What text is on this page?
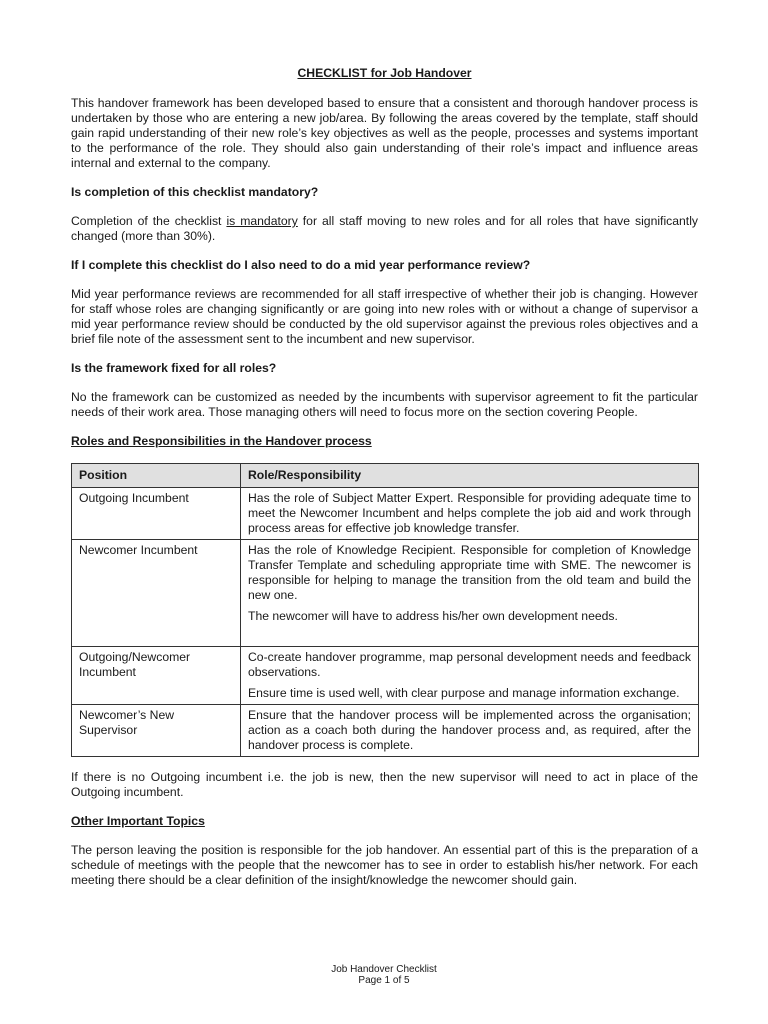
CHECKLIST for Job Handover

This handover framework has been developed based to ensure that a consistent and thorough handover process is undertaken by those who are entering a new job/area. By following the areas covered by the template, staff should gain rapid understanding of their new role’s key objectives as well as the people, processes and systems important to the performance of the role. They should also gain understanding of their role’s impact and influence areas internal and external to the company.

Is completion of this checklist mandatory?

Completion of the checklist is mandatory for all staff moving to new roles and for all roles that have significantly changed (more than 30%).

If I complete this checklist do I also need to do a mid year performance review?

Mid year performance reviews are recommended for all staff irrespective of whether their job is changing. However for staff whose roles are changing significantly or are going into new roles with or without a change of supervisor a mid year performance review should be conducted by the old supervisor against the previous roles objectives and a brief file note of the assessment sent to the incumbent and new supervisor.

Is the framework fixed for all roles?

No the framework can be customized as needed by the incumbents with supervisor agreement to fit the particular needs of their work area. Those managing others will need to focus more on the section covering People.

Roles and Responsibilities in the Handover process

Position	Role/Responsibility
Outgoing Incumbent	Has the role of Subject Matter Expert. Responsible for providing adequate time to meet the Newcomer Incumbent and helps complete the job aid and work through process areas for effective job knowledge transfer.

Newcomer Incumbent	Has the role of Knowledge Recipient. Responsible for completion of Knowledge Transfer Template and scheduling appropriate time with SME. The newcomer is responsible for helping to manage the transition from the old team and build the new one.

The newcomer will have to address his/her own development needs.

Outgoing/Newcomer Incumbent	Co-create handover programme, map personal development needs and feedback observations.

Ensure time is used well, with clear purpose and manage information exchange.

Newcomer’s New Supervisor	Ensure that the handover process will be implemented across the organisation; action as a coach both during the handover process and, as required, after the handover process is complete.

If there is no Outgoing incumbent i.e. the job is new, then the new supervisor will need to act in place of the Outgoing incumbent.

Other Important Topics

The person leaving the position is responsible for the job handover. An essential part of this is the preparation of a schedule of meetings with the people that the newcomer has to see in order to establish his/her network. For each meeting there should be a clear definition of the insight/knowledge the newcomer should gain.

Job Handover Checklist
Page 1 of 5
